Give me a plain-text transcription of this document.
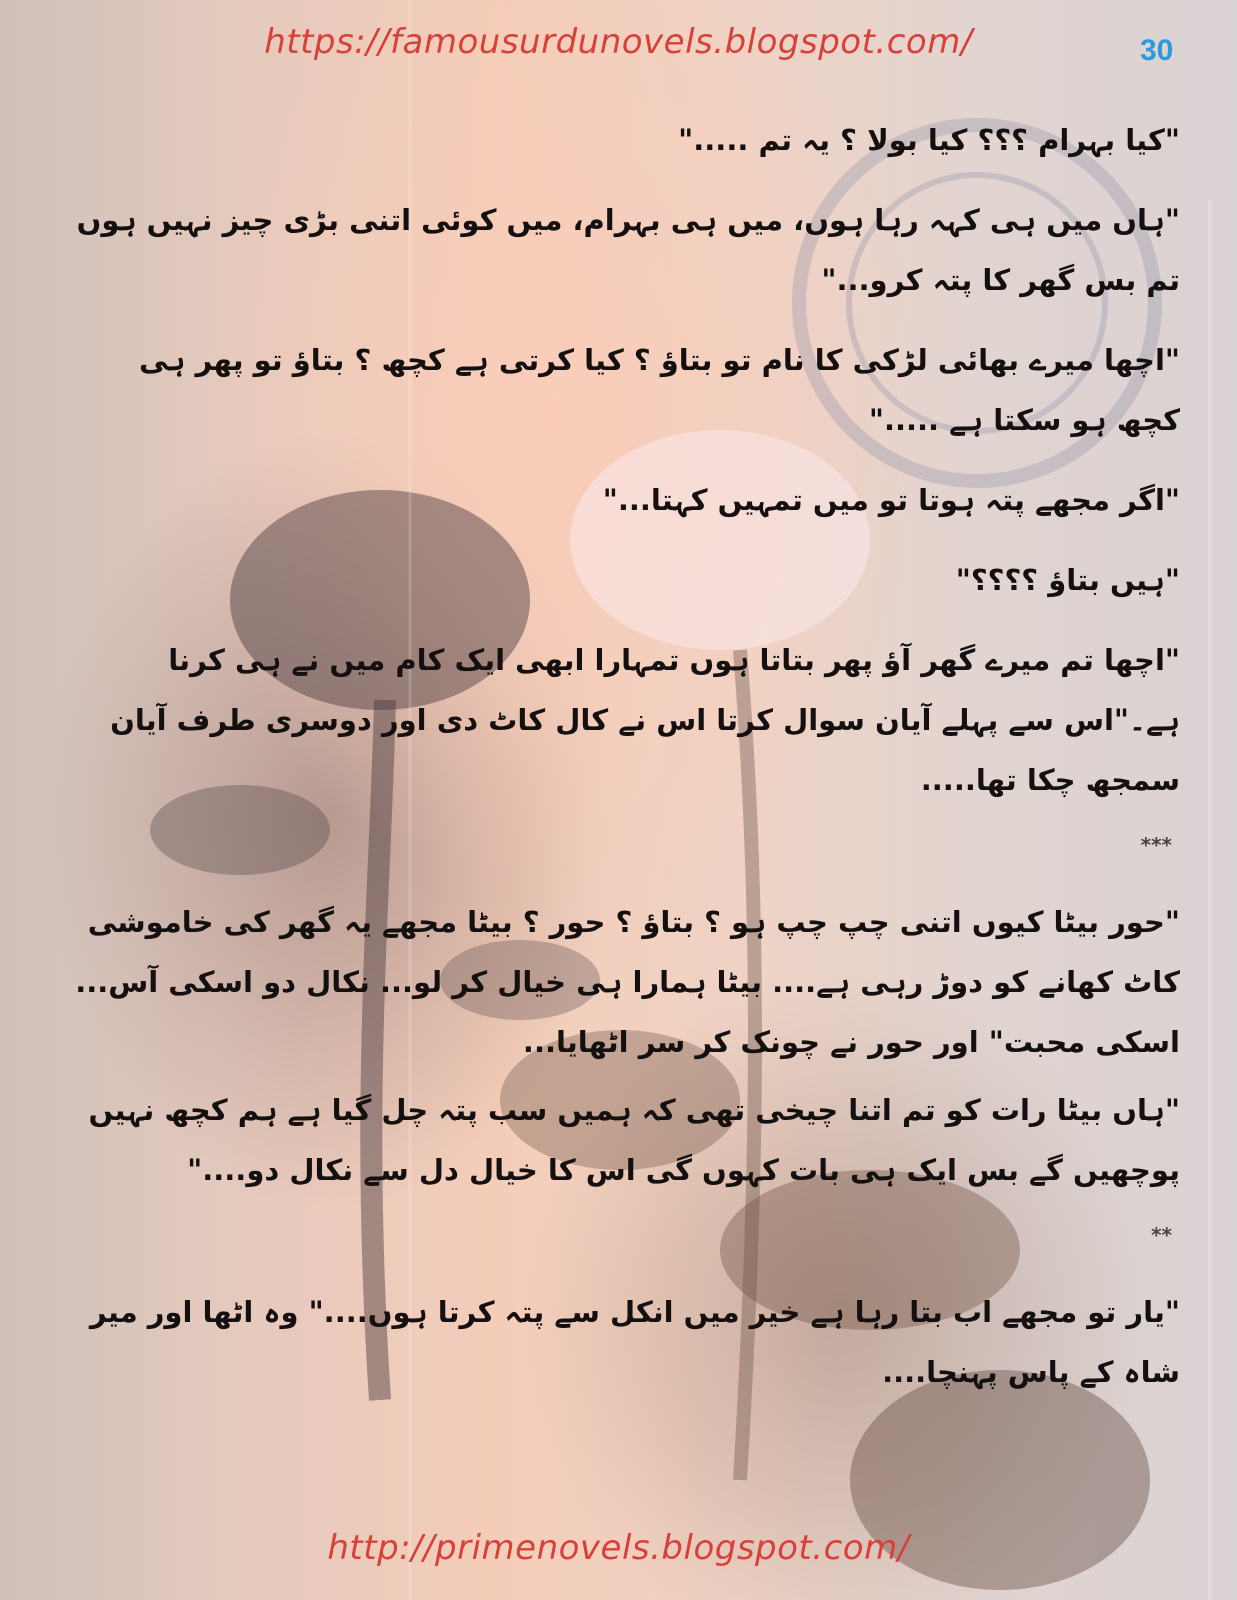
https://famousurdunovels.blogspot.com/	30

"کیا بہرام ؟؟؟ کیا بولا ؟ یہ تم ....."

"ہاں میں ہی کہہ رہا ہوں، میں ہی بہرام، میں کوئی اتنی بڑی چیز نہیں ہوں تم بس گھر کا پتہ کرو..."

"اچھا میرے بھائی لڑکی کا نام تو بتاؤ ؟ کیا کرتی ہے کچھ ؟ بتاؤ تو پھر ہی کچھ ہو سکتا ہے ....."

"اگر مجھے پتہ ہوتا تو میں تمہیں کہتا..."

"ہیں بتاؤ ؟؟؟؟"

"اچھا تم میرے گھر آؤ پھر بتاتا ہوں تمہارا ابھی ایک کام میں نے ہی کرنا ہے۔"اس سے پہلے آیان سوال کرتا اس نے کال کاٹ دی اور دوسری طرف آیان سمجھ چکا تھا.....

***

"حور بیٹا کیوں اتنی چپ چپ ہو ؟ بتاؤ ؟ حور ؟ بیٹا مجھے یہ گھر کی خاموشی کاٹ کھانے کو دوڑ رہی ہے.... بیٹا ہمارا ہی خیال کر لو... نکال دو اسکی آس... اسکی محبت" اور حور نے چونک کر سر اٹھایا...

"ہاں بیٹا رات کو تم اتنا چیخی تھی کہ ہمیں سب پتہ چل گیا ہے ہم کچھ نہیں پوچھیں گے بس ایک ہی بات کہوں گی اس کا خیال دل سے نکال دو...."

**

"یار تو مجھے اب بتا رہا ہے خیر میں انکل سے پتہ کرتا ہوں...." وہ اٹھا اور میر شاہ کے پاس پہنچا....

http://primenovels.blogspot.com/
